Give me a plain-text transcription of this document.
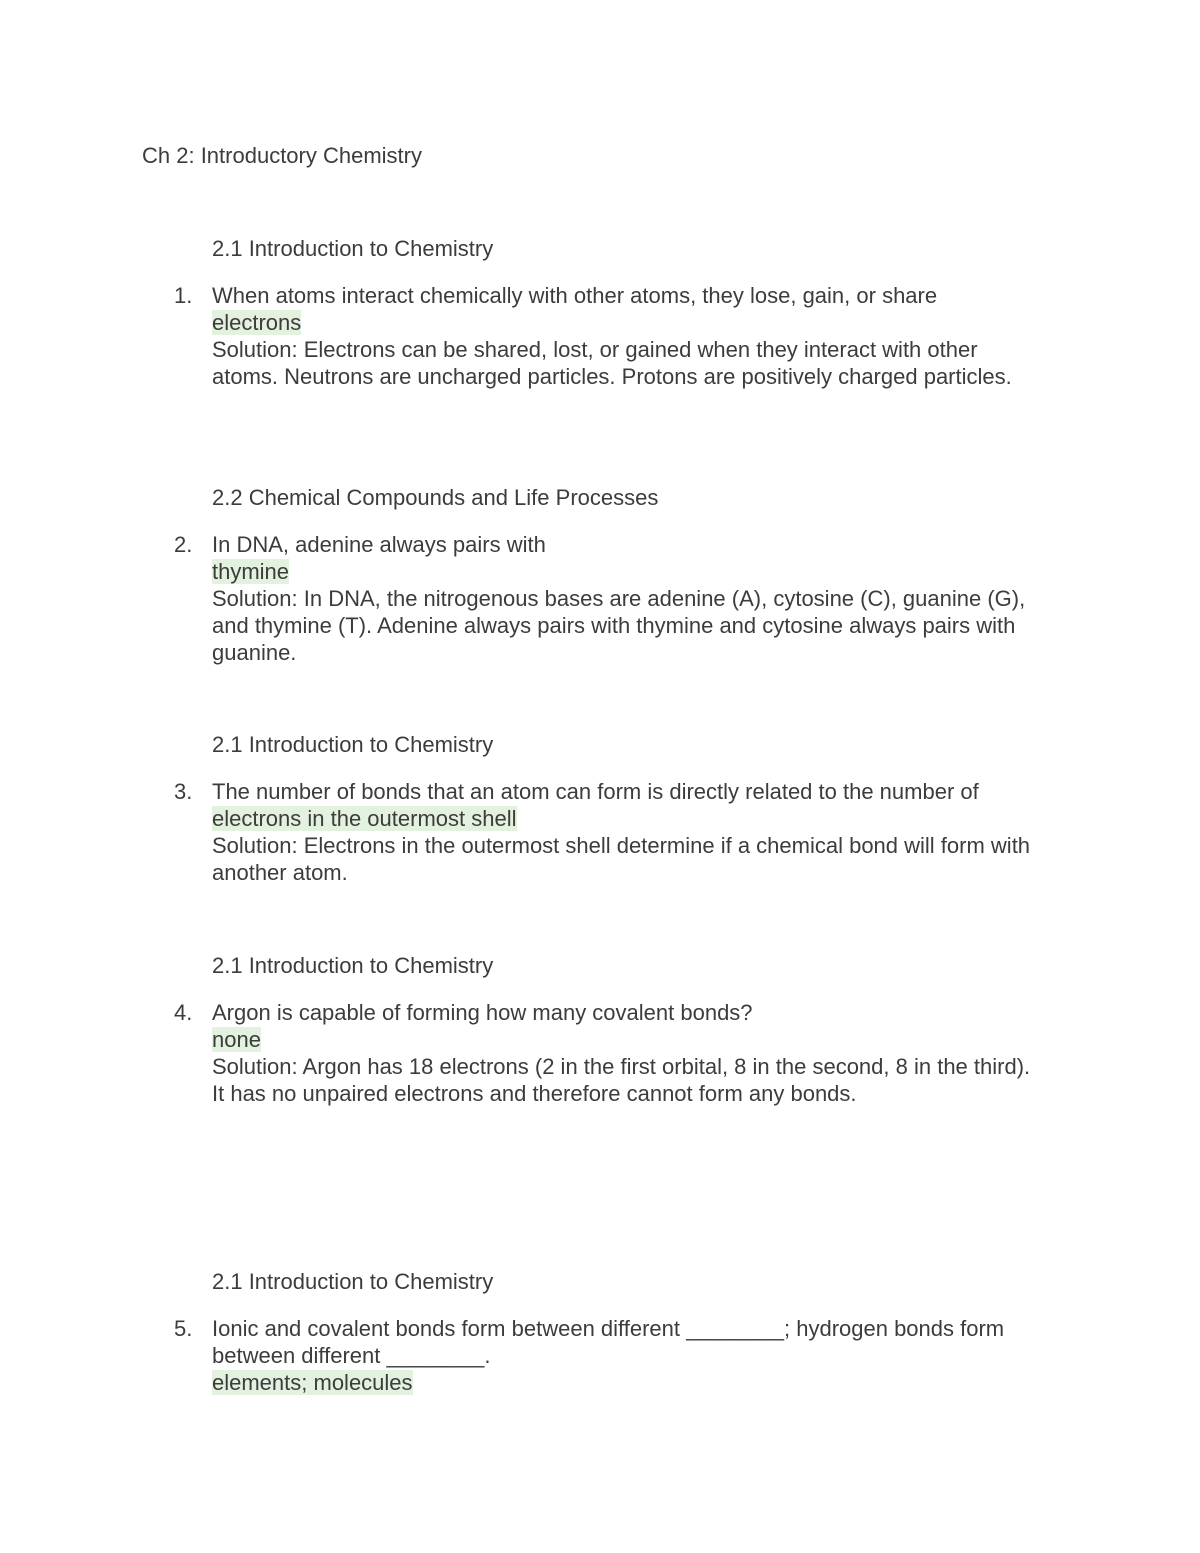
Ch 2: Introductory Chemistry
2.1 Introduction to Chemistry
1. When atoms interact chemically with other atoms, they lose, gain, or share

electrons

Solution: Electrons can be shared, lost, or gained when they interact with other atoms. Neutrons are uncharged particles. Protons are positively charged particles.

2.2 Chemical Compounds and Life Processes
2. In DNA, adenine always pairs with

thymine

Solution: In DNA, the nitrogenous bases are adenine (A), cytosine (C), guanine (G), and thymine (T). Adenine always pairs with thymine and cytosine always pairs with guanine.

2.1 Introduction to Chemistry
3. The number of bonds that an atom can form is directly related to the number of

electrons in the outermost shell

Solution: Electrons in the outermost shell determine if a chemical bond will form with another atom.

2.1 Introduction to Chemistry
4. Argon is capable of forming how many covalent bonds?

none

Solution: Argon has 18 electrons (2 in the first orbital, 8 in the second, 8 in the third). It has no unpaired electrons and therefore cannot form any bonds.

2.1 Introduction to Chemistry
5. Ionic and covalent bonds form between different ________; hydrogen bonds form between different ________.

elements; molecules
